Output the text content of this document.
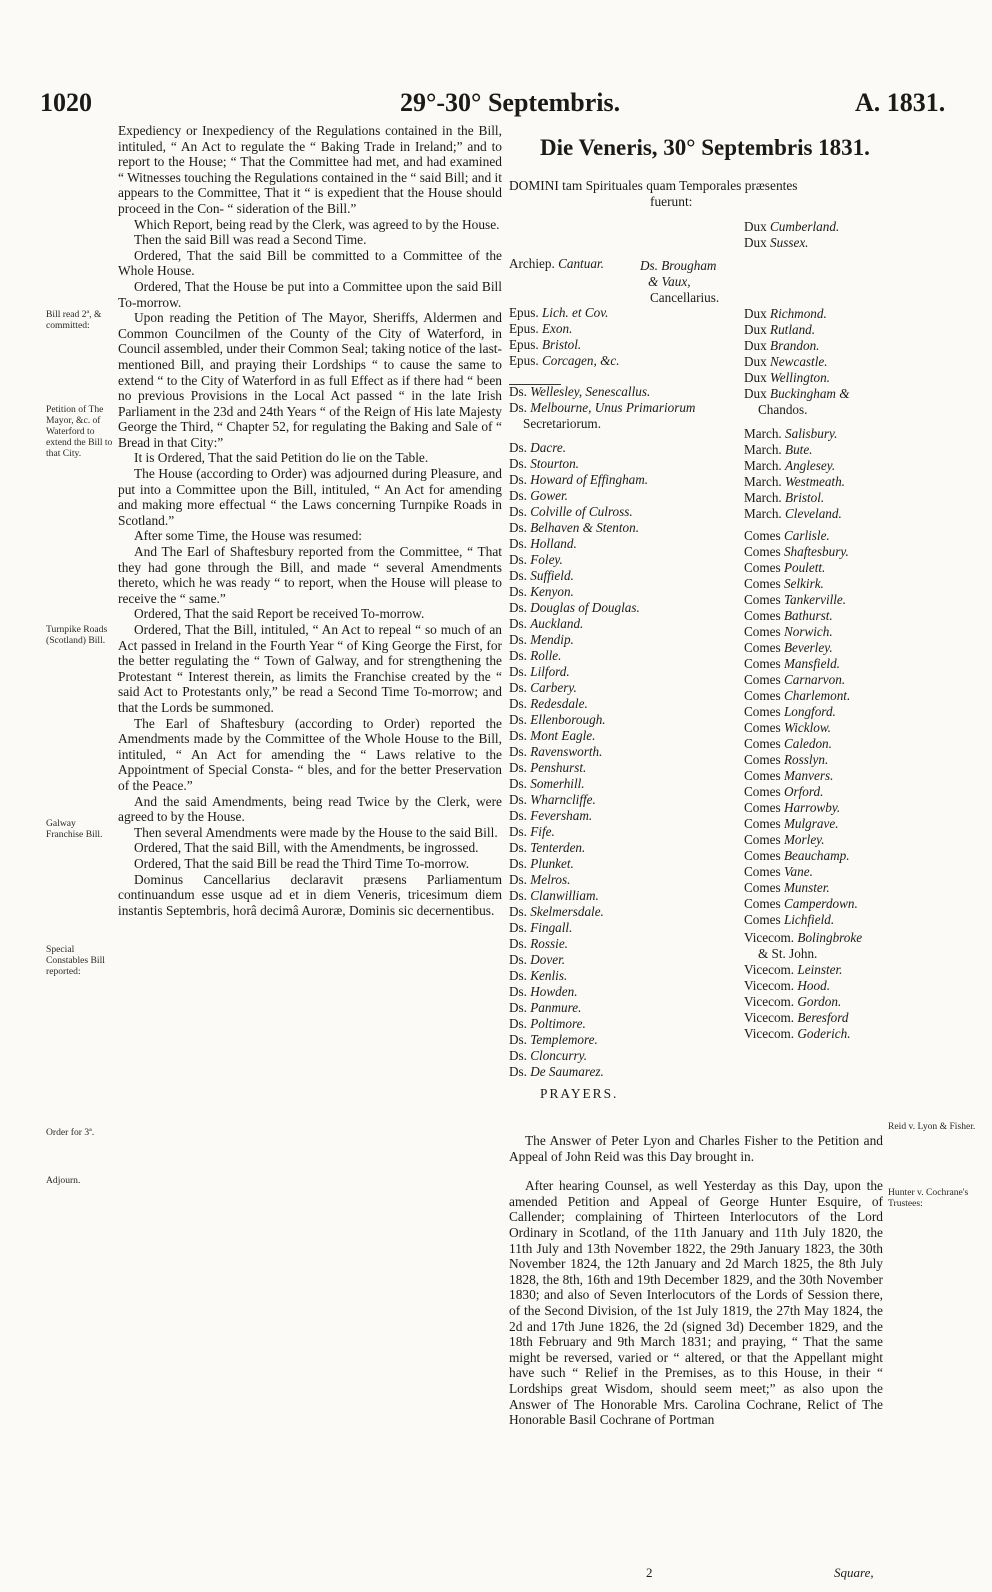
1020	29°-30° Septembris.	A. 1831.

Expediency or Inexpediency of the Regulations contained in the Bill, intituled, “ An Act to regulate the “ Baking Trade in Ireland;” and to report to the House; “ That the Committee had met, and had examined “ Witnesses touching the Regulations contained in the “ said Bill; and it appears to the Committee, That it “ is expedient that the House should proceed in the Con- “ sideration of the Bill.”

Which Report, being read by the Clerk, was agreed to by the House.

Then the said Bill was read a Second Time.

Ordered, That the said Bill be committed to a Committee of the Whole House.

Ordered, That the House be put into a Committee upon the said Bill To-morrow.

Upon reading the Petition of The Mayor, Sheriffs, Aldermen and Common Councilmen of the County of the City of Waterford, in Council assembled, under their Common Seal; taking notice of the last-mentioned Bill, and praying their Lordships “ to cause the same to extend “ to the City of Waterford in as full Effect as if there had “ been no previous Provisions in the Local Act passed “ in the late Irish Parliament in the 23d and 24th Years “ of the Reign of His late Majesty George the Third, “ Chapter 52, for regulating the Baking and Sale of “ Bread in that City:”

It is Ordered, That the said Petition do lie on the Table.

The House (according to Order) was adjourned during Pleasure, and put into a Committee upon the Bill, intituled, “ An Act for amending and making more effectual “ the Laws concerning Turnpike Roads in Scotland.”

After some Time, the House was resumed:

And The Earl of Shaftesbury reported from the Committee, “ That they had gone through the Bill, and made “ several Amendments thereto, which he was ready “ to report, when the House will please to receive the “ same.”

Ordered, That the said Report be received To-morrow.

Ordered, That the Bill, intituled, “ An Act to repeal “ so much of an Act passed in Ireland in the Fourth Year “ of King George the First, for the better regulating the “ Town of Galway, and for strengthening the Protestant “ Interest therein, as limits the Franchise created by the “ said Act to Protestants only,” be read a Second Time To-morrow; and that the Lords be summoned.

The Earl of Shaftesbury (according to Order) reported the Amendments made by the Committee of the Whole House to the Bill, intituled, “ An Act for amending the “ Laws relative to the Appointment of Special Consta- “ bles, and for the better Preservation of the Peace.”

And the said Amendments, being read Twice by the Clerk, were agreed to by the House.

Then several Amendments were made by the House to the said Bill.

Ordered, That the said Bill, with the Amendments, be ingrossed.

Ordered, That the said Bill be read the Third Time To-morrow.

Dominus Cancellarius declaravit præsens Parliamentum continuandum esse usque ad et in diem Veneris, tricesimum diem instantis Septembris, horâ decimâ Auroræ, Dominis sic decernentibus.

Bill read 2ª, & committed:
Petition of The Mayor, &c. of Waterford to extend the Bill to that City.
Turnpike Roads (Scotland) Bill.
Galway Franchise Bill.
Special Constables Bill reported:
Order for 3ª.
Adjourn.
Die Veneris, 30° Septembris 1831.
DOMINI tam Spirituales quam Temporales præsentes
fuerunt:
Archiep. Cantuar.
Epus. Lich. et Cov.
Epus. Exon.
Epus. Bristol.
Epus. Corcagen, &c.
Ds. Wellesley, Senescallus.
Ds. Melbourne, Unus Primariorum
Secretariorum.
Ds. Dacre.
Ds. Stourton.
Ds. Howard of Effingham.
Ds. Gower.
Ds. Colville of Culross.
Ds. Belhaven & Stenton.
Ds. Holland.
Ds. Foley.
Ds. Suffield.
Ds. Kenyon.
Ds. Douglas of Douglas.
Ds. Auckland.
Ds. Mendip.
Ds. Rolle.
Ds. Lilford.
Ds. Carbery.
Ds. Redesdale.
Ds. Ellenborough.
Ds. Mont Eagle.
Ds. Ravensworth.
Ds. Penshurst.
Ds. Somerhill.
Ds. Wharncliffe.
Ds. Feversham.
Ds. Fife.
Ds. Tenterden.
Ds. Plunket.
Ds. Melros.
Ds. Clanwilliam.
Ds. Skelmersdale.
Ds. Fingall.
Ds. Rossie.
Ds. Dover.
Ds. Kenlis.
Ds. Howden.
Ds. Panmure.
Ds. Poltimore.
Ds. Templemore.
Ds. Cloncurry.
Ds. De Saumarez.
Ds. Brougham
& Vaux,
Cancellarius.
Dux Cumberland.
Dux Sussex.
Dux Richmond.
Dux Rutland.
Dux Brandon.
Dux Newcastle.
Dux Wellington.
Dux Buckingham &
Chandos.
March. Salisbury.
March. Bute.
March. Anglesey.
March. Westmeath.
March. Bristol.
March. Cleveland.
Comes Carlisle.
Comes Shaftesbury.
Comes Poulett.
Comes Selkirk.
Comes Tankerville.
Comes Bathurst.
Comes Norwich.
Comes Beverley.
Comes Mansfield.
Comes Carnarvon.
Comes Charlemont.
Comes Longford.
Comes Wicklow.
Comes Caledon.
Comes Rosslyn.
Comes Manvers.
Comes Orford.
Comes Harrowby.
Comes Mulgrave.
Comes Morley.
Comes Beauchamp.
Comes Vane.
Comes Munster.
Comes Camperdown.
Comes Lichfield.
Vicecom. Bolingbroke
& St. John.
Vicecom. Leinster.
Vicecom. Hood.
Vicecom. Gordon.
Vicecom. Beresford
Vicecom. Goderich.
PRAYERS.

The Answer of Peter Lyon and Charles Fisher to the Petition and Appeal of John Reid was this Day brought in.

After hearing Counsel, as well Yesterday as this Day, upon the amended Petition and Appeal of George Hunter Esquire, of Callender; complaining of Thirteen Interlocutors of the Lord Ordinary in Scotland, of the 11th January and 11th July 1820, the 11th July and 13th November 1822, the 29th January 1823, the 30th November 1824, the 12th January and 2d March 1825, the 8th July 1828, the 8th, 16th and 19th December 1829, and the 30th November 1830; and also of Seven Interlocutors of the Lords of Session there, of the Second Division, of the 1st July 1819, the 27th May 1824, the 2d and 17th June 1826, the 2d (signed 3d) December 1829, and the 18th February and 9th March 1831; and praying, “ That the same might be reversed, varied or “ altered, or that the Appellant might have such “ Relief in the Premises, as to this House, in their “ Lordships great Wisdom, should seem meet;” as also upon the Answer of The Honorable Mrs. Carolina Cochrane, Relict of The Honorable Basil Cochrane of Portman

Reid v. Lyon & Fisher.
Hunter v. Cochrane's Trustees:
2	Square,
